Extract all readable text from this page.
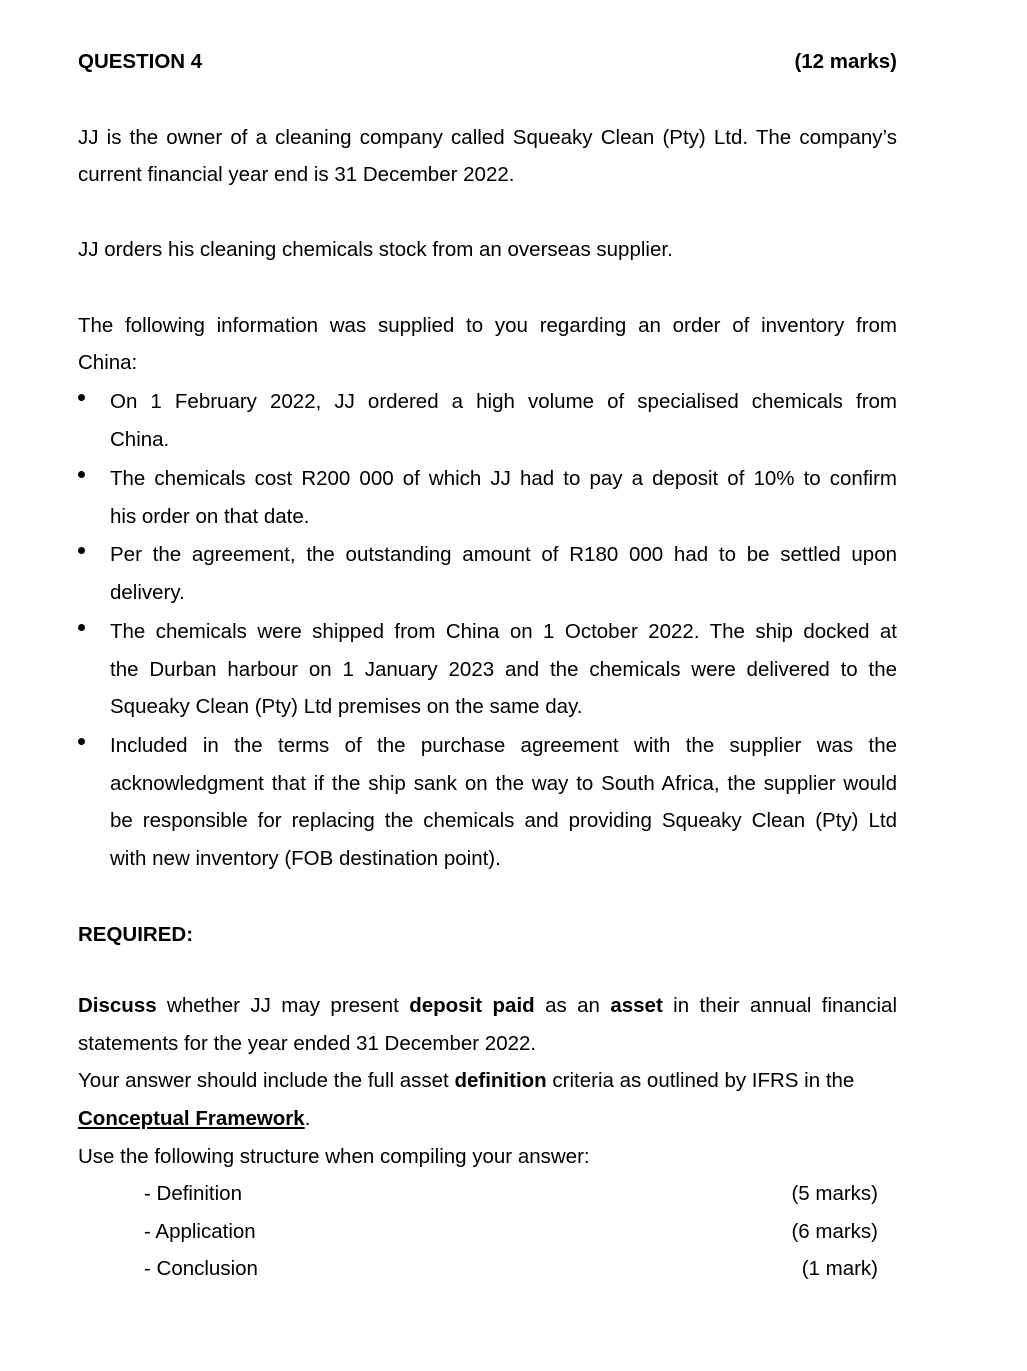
QUESTION 4	(12 marks)
JJ is the owner of a cleaning company called Squeaky Clean (Pty) Ltd. The company’s
current financial year end is 31 December 2022.
JJ orders his cleaning chemicals stock from an overseas supplier.
The following information was supplied to you regarding an order of inventory from
China:
On 1 February 2022, JJ ordered a high volume of specialised chemicals from
China.
The chemicals cost R200 000 of which JJ had to pay a deposit of 10% to confirm
his order on that date.
Per the agreement, the outstanding amount of R180 000 had to be settled upon
delivery.
The chemicals were shipped from China on 1 October 2022. The ship docked at
the Durban harbour on 1 January 2023 and the chemicals were delivered to the
Squeaky Clean (Pty) Ltd premises on the same day.
Included in the terms of the purchase agreement with the supplier was the
acknowledgment that if the ship sank on the way to South Africa, the supplier would
be responsible for replacing the chemicals and providing Squeaky Clean (Pty) Ltd
with new inventory (FOB destination point).
REQUIRED:
Discuss whether JJ may present deposit paid as an asset in their annual financial
statements for the year ended 31 December 2022.
Your answer should include the full asset definition criteria as outlined by IFRS in the
Conceptual Framework.
Use the following structure when compiling your answer:
- Definition	(5 marks)
- Application	(6 marks)
- Conclusion	(1 mark)
